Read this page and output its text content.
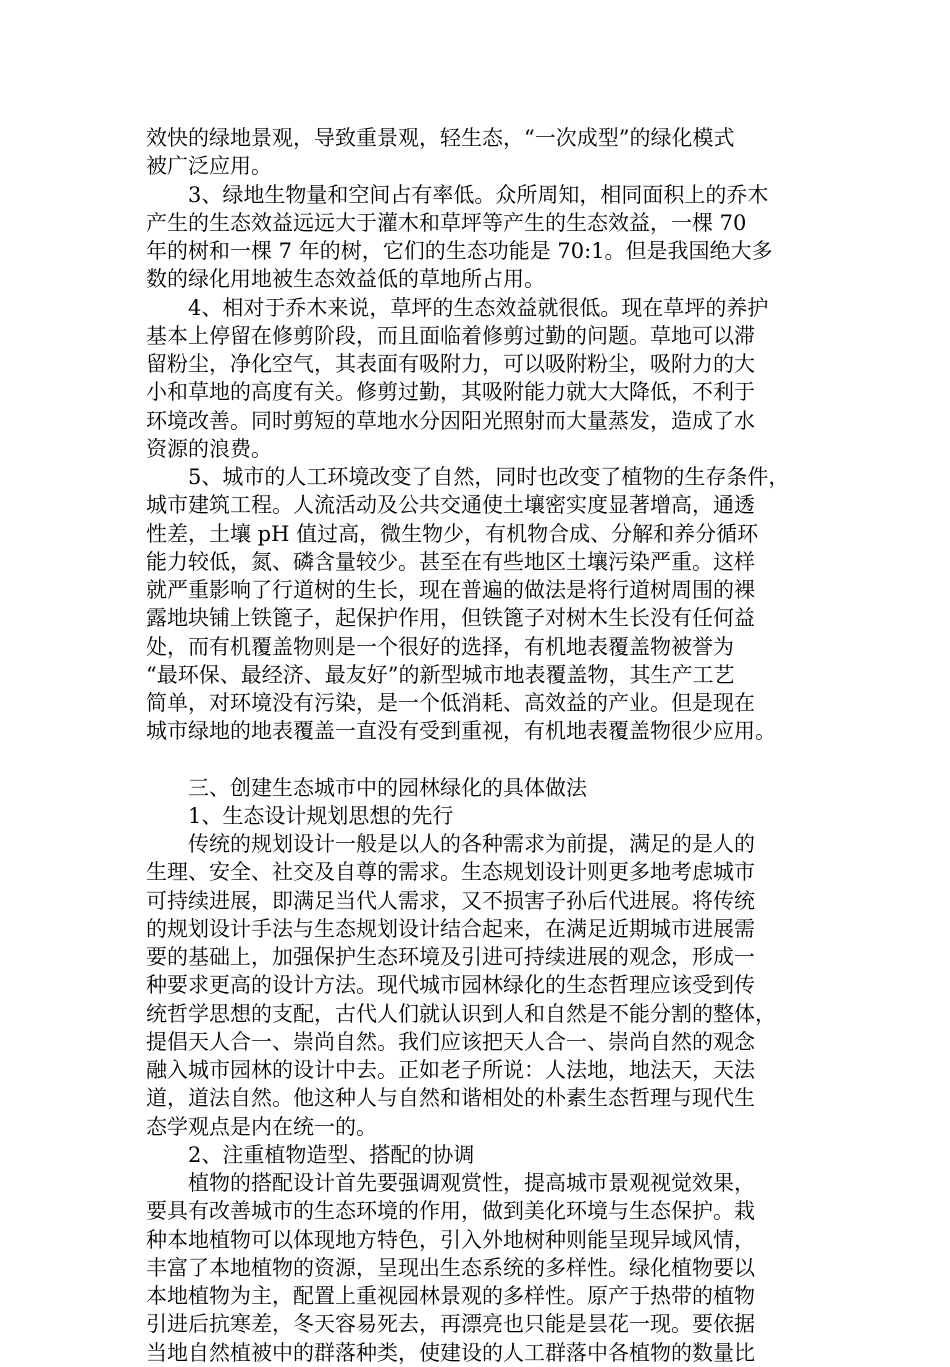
效快的绿地景观，导致重景观，轻生态，“一次成型”的绿化模式
被广泛应用。
3、绿地生物量和空间占有率低。众所周知，相同面积上的乔木
产生的生态效益远远大于灌木和草坪等产生的生态效益，一棵 70
年的树和一棵 7 年的树，它们的生态功能是 70:1。但是我国绝大多
数的绿化用地被生态效益低的草地所占用。
4、相对于乔木来说，草坪的生态效益就很低。现在草坪的养护
基本上停留在修剪阶段，而且面临着修剪过勤的问题。草地可以滞
留粉尘，净化空气，其表面有吸附力，可以吸附粉尘，吸附力的大
小和草地的高度有关。修剪过勤，其吸附能力就大大降低，不利于
环境改善。同时剪短的草地水分因阳光照射而大量蒸发，造成了水
资源的浪费。
5、城市的人工环境改变了自然，同时也改变了植物的生存条件，
城市建筑工程。人流活动及公共交通使土壤密实度显著增高，通透
性差，土壤 pH 值过高，微生物少，有机物合成、分解和养分循环
能力较低，氮、磷含量较少。甚至在有些地区土壤污染严重。这样
就严重影响了行道树的生长，现在普遍的做法是将行道树周围的裸
露地块铺上铁篦子，起保护作用，但铁篦子对树木生长没有任何益
处，而有机覆盖物则是一个很好的选择，有机地表覆盖物被誉为
“最环保、最经济、最友好”的新型城市地表覆盖物，其生产工艺
简单，对环境没有污染，是一个低消耗、高效益的产业。但是现在
城市绿地的地表覆盖一直没有受到重视，有机地表覆盖物很少应用。
三、创建生态城市中的园林绿化的具体做法
1、生态设计规划思想的先行
传统的规划设计一般是以人的各种需求为前提，满足的是人的
生理、安全、社交及自尊的需求。生态规划设计则更多地考虑城市
可持续进展，即满足当代人需求，又不损害子孙后代进展。将传统
的规划设计手法与生态规划设计结合起来，在满足近期城市进展需
要的基础上，加强保护生态环境及引进可持续进展的观念，形成一
种要求更高的设计方法。现代城市园林绿化的生态哲理应该受到传
统哲学思想的支配，古代人们就认识到人和自然是不能分割的整体，
提倡天人合一、崇尚自然。我们应该把天人合一、崇尚自然的观念
融入城市园林的设计中去。正如老子所说：人法地，地法天，天法
道，道法自然。他这种人与自然和谐相处的朴素生态哲理与现代生
态学观点是内在统一的。
2、注重植物造型、搭配的协调
植物的搭配设计首先要强调观赏性，提高城市景观视觉效果，
要具有改善城市的生态环境的作用，做到美化环境与生态保护。栽
种本地植物可以体现地方特色，引入外地树种则能呈现异域风情，
丰富了本地植物的资源，呈现出生态系统的多样性。绿化植物要以
本地植物为主，配置上重视园林景观的多样性。原产于热带的植物
引进后抗寒差，冬天容易死去，再漂亮也只能是昙花一现。要依据
当地自然植被中的群落种类，使建设的人工群落中各植物的数量比
